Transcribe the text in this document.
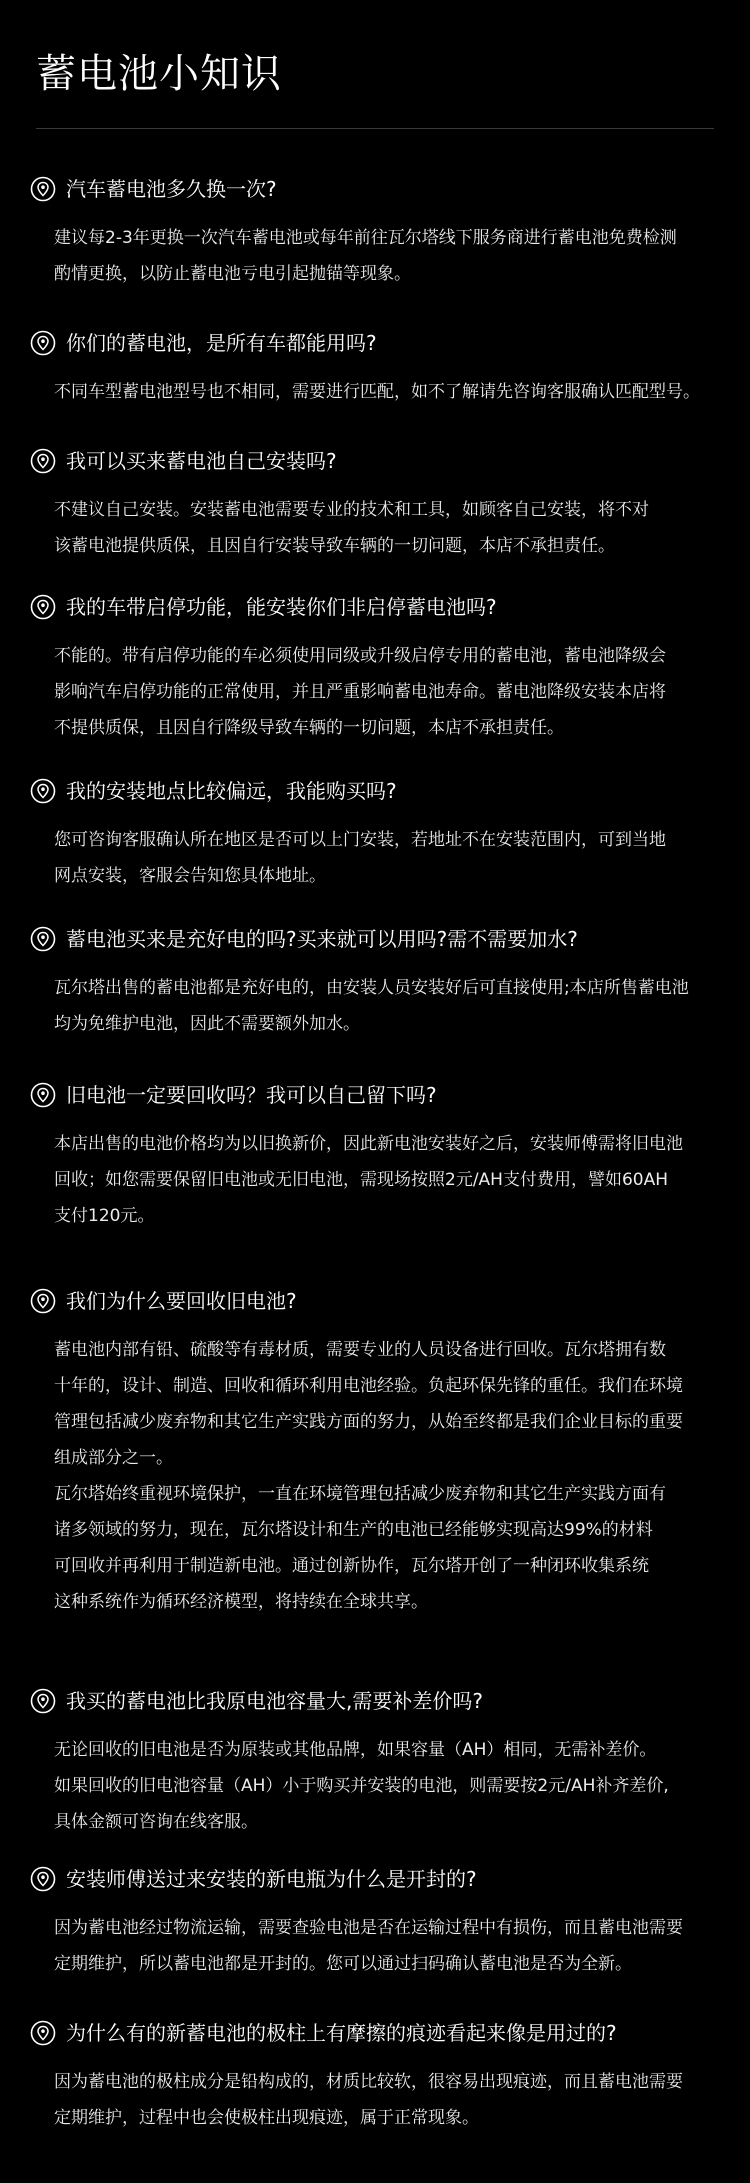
蓄电池小知识
汽车蓄电池多久换一次?
建议每2-3年更换一次汽车蓄电池或每年前往瓦尔塔线下服务商进行蓄电池免费检测
酌情更换，以防止蓄电池亏电引起抛锚等现象。
你们的蓄电池，是所有车都能用吗?
不同车型蓄电池型号也不相同，需要进行匹配，如不了解请先咨询客服确认匹配型号。
我可以买来蓄电池自己安装吗?
不建议自己安装。安装蓄电池需要专业的技术和工具，如顾客自己安装，将不对
该蓄电池提供质保，且因自行安装导致车辆的一切问题，本店不承担责任。
我的车带启停功能，能安装你们非启停蓄电池吗?
不能的。带有启停功能的车必须使用同级或升级启停专用的蓄电池，蓄电池降级会
影响汽车启停功能的正常使用，并且严重影响蓄电池寿命。蓄电池降级安装本店将
不提供质保，且因自行降级导致车辆的一切问题，本店不承担责任。
我的安装地点比较偏远，我能购买吗?
您可咨询客服确认所在地区是否可以上门安装，若地址不在安装范围内，可到当地
网点安装，客服会告知您具体地址。
蓄电池买来是充好电的吗?买来就可以用吗?需不需要加水?
瓦尔塔出售的蓄电池都是充好电的，由安装人员安装好后可直接使用;本店所售蓄电池
均为免维护电池，因此不需要额外加水。
旧电池一定要回收吗？我可以自己留下吗?
本店出售的电池价格均为以旧换新价，因此新电池安装好之后，安装师傅需将旧电池
回收；如您需要保留旧电池或无旧电池，需现场按照2元/AH支付费用，譬如60AH
支付120元。
我们为什么要回收旧电池?
蓄电池内部有铅、硫酸等有毒材质，需要专业的人员设备进行回收。瓦尔塔拥有数
十年的，设计、制造、回收和循环利用电池经验。负起环保先锋的重任。我们在环境
管理包括减少废弃物和其它生产实践方面的努力，从始至终都是我们企业目标的重要
组成部分之一。
瓦尔塔始终重视环境保护，一直在环境管理包括减少废弃物和其它生产实践方面有
诸多领域的努力，现在，瓦尔塔设计和生产的电池已经能够实现高达99%的材料
可回收并再利用于制造新电池。通过创新协作，瓦尔塔开创了一种闭环收集系统
这种系统作为循环经济模型，将持续在全球共享。
我买的蓄电池比我原电池容量大,需要补差价吗?
无论回收的旧电池是否为原装或其他品牌，如果容量（AH）相同，无需补差价。
如果回收的旧电池容量（AH）小于购买并安装的电池，则需要按2元/AH补齐差价,
具体金额可咨询在线客服。
安装师傅送过来安装的新电瓶为什么是开封的?
因为蓄电池经过物流运输，需要查验电池是否在运输过程中有损伤，而且蓄电池需要
定期维护，所以蓄电池都是开封的。您可以通过扫码确认蓄电池是否为全新。
为什么有的新蓄电池的极柱上有摩擦的痕迹看起来像是用过的?
因为蓄电池的极柱成分是铅构成的，材质比较软，很容易出现痕迹，而且蓄电池需要
定期维护，过程中也会使极柱出现痕迹，属于正常现象。
